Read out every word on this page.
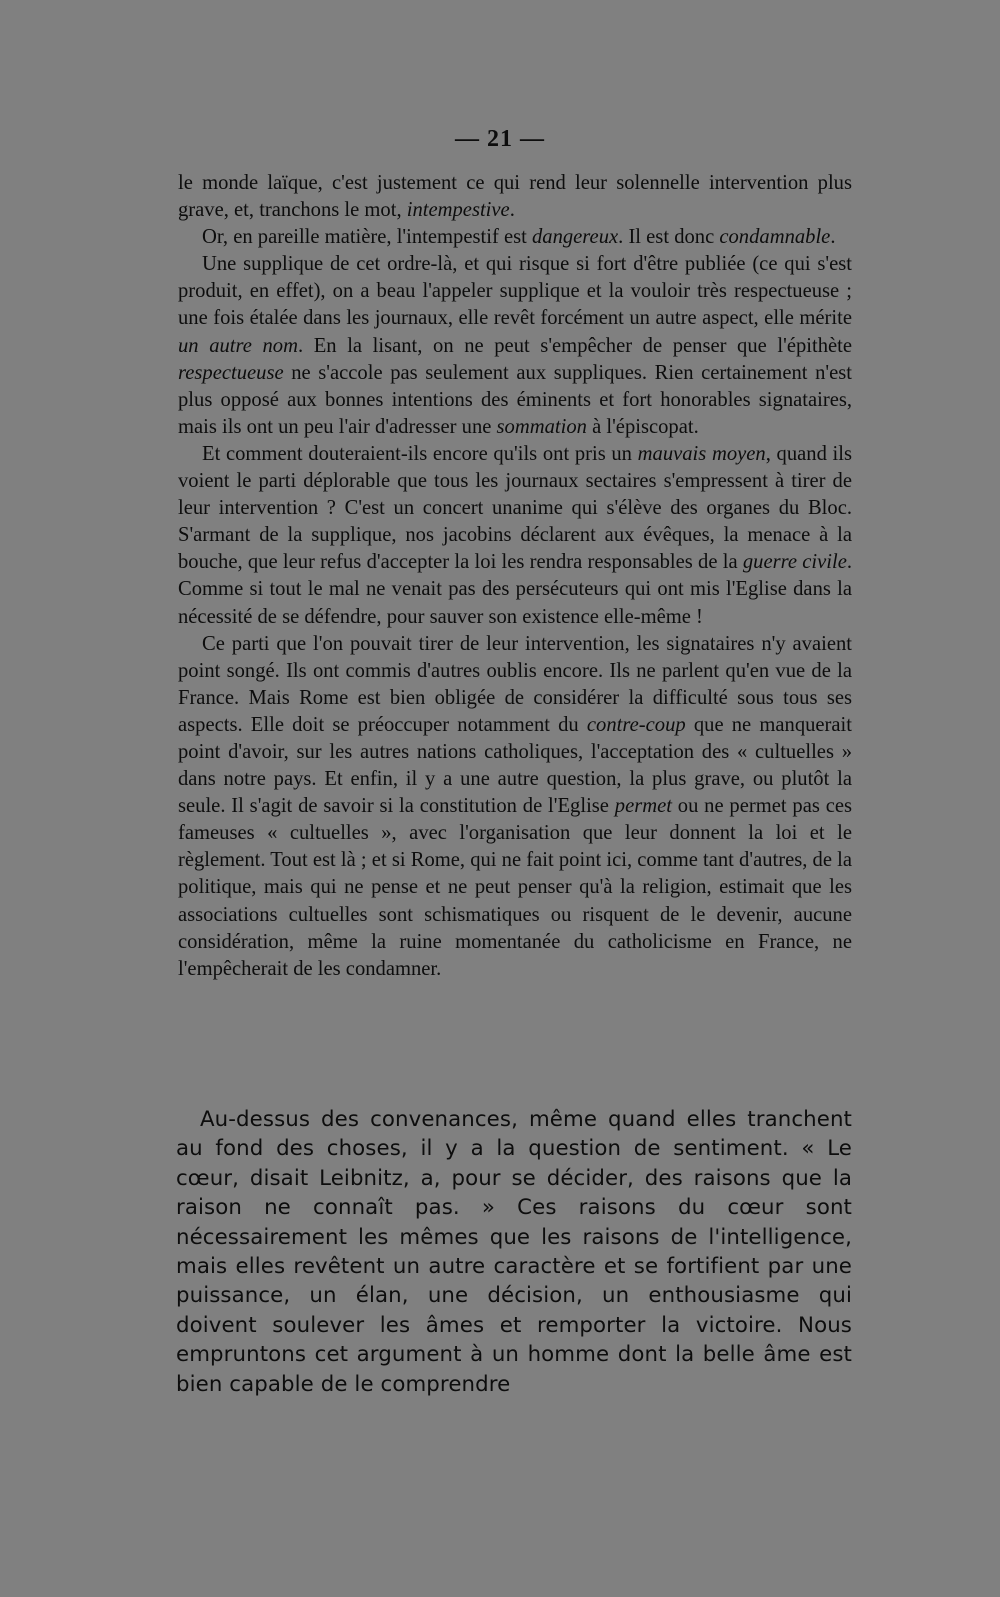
— 21 —

le monde laïque, c'est justement ce qui rend leur solennelle intervention plus grave, et, tranchons le mot, intempestive.

Or, en pareille matière, l'intempestif est dangereux. Il est donc condamnable.

Une supplique de cet ordre-là, et qui risque si fort d'être publiée (ce qui s'est produit, en effet), on a beau l'appeler supplique et la vouloir très respectueuse ; une fois étalée dans les journaux, elle revêt forcément un autre aspect, elle mérite un autre nom. En la lisant, on ne peut s'empêcher de penser que l'épithète respectueuse ne s'accole pas seulement aux suppliques. Rien certainement n'est plus opposé aux bonnes intentions des éminents et fort honorables signataires, mais ils ont un peu l'air d'adresser une sommation à l'épiscopat.

Et comment douteraient-ils encore qu'ils ont pris un mauvais moyen, quand ils voient le parti déplorable que tous les journaux sectaires s'empressent à tirer de leur intervention ? C'est un concert unanime qui s'élève des organes du Bloc. S'armant de la supplique, nos jacobins déclarent aux évêques, la menace à la bouche, que leur refus d'accepter la loi les rendra responsables de la guerre civile. Comme si tout le mal ne venait pas des persécuteurs qui ont mis l'Eglise dans la nécessité de se défendre, pour sauver son existence elle-même !

Ce parti que l'on pouvait tirer de leur intervention, les signataires n'y avaient point songé. Ils ont commis d'autres oublis encore. Ils ne parlent qu'en vue de la France. Mais Rome est bien obligée de considérer la difficulté sous tous ses aspects. Elle doit se préoccuper notamment du contre-coup que ne manquerait point d'avoir, sur les autres nations catholiques, l'acceptation des « cultuelles » dans notre pays. Et enfin, il y a une autre question, la plus grave, ou plutôt la seule. Il s'agit de savoir si la constitution de l'Eglise permet ou ne permet pas ces fameuses « cultuelles », avec l'organisation que leur donnent la loi et le règlement. Tout est là ; et si Rome, qui ne fait point ici, comme tant d'autres, de la politique, mais qui ne pense et ne peut penser qu'à la religion, estimait que les associations cultuelles sont schismatiques ou risquent de le devenir, aucune considération, même la ruine momentanée du catholicisme en France, ne l'empêcherait de les condamner.

Au-dessus des convenances, même quand elles tranchent au fond des choses, il y a la question de sentiment. « Le cœur, disait Leibnitz, a, pour se décider, des raisons que la raison ne connaît pas. » Ces raisons du cœur sont nécessairement les mêmes que les raisons de l'intelligence, mais elles revêtent un autre caractère et se fortifient par une puissance, un élan, une décision, un enthousiasme qui doivent soulever les âmes et remporter la victoire. Nous empruntons cet argument à un homme dont la belle âme est bien capable de le comprendre
